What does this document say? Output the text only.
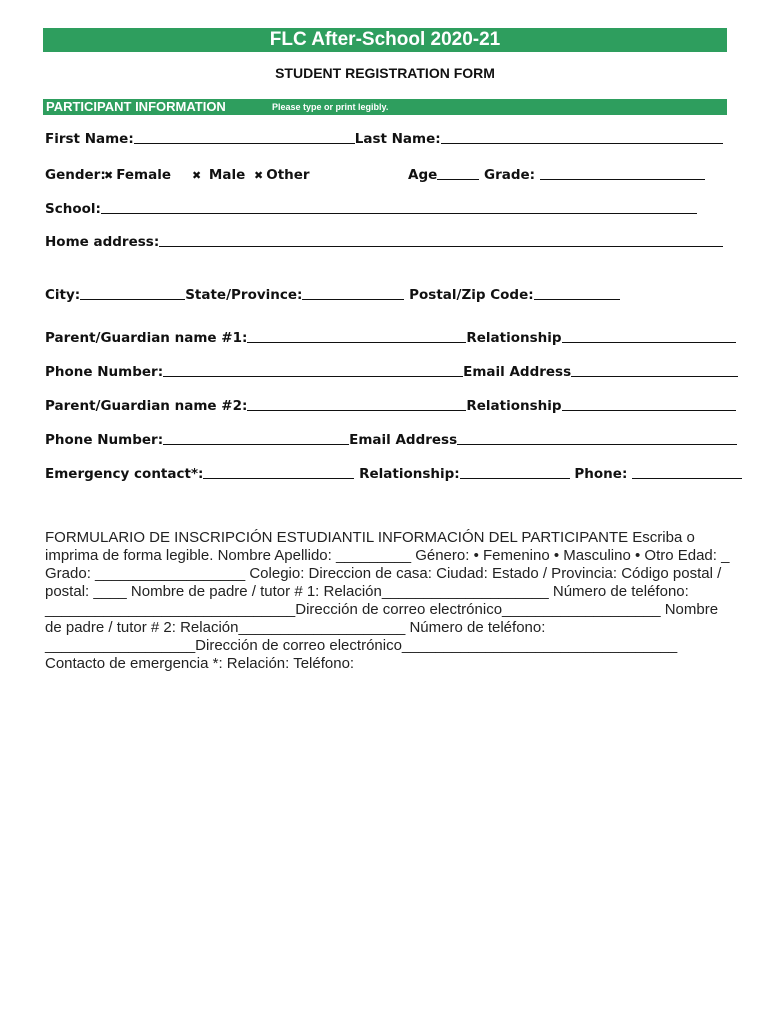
FLC After-School 2020-21
STUDENT REGISTRATION FORM
PARTICIPANT INFORMATION	Please type or print legibly.
First Name:	Last Name:
Gender:
✖ Female ✖ Male ✖ Other	Age	Grade:
School:
Home address:
City:	State/Province:	Postal/Zip Code:
Parent/Guardian name #1:	Relationship
Phone Number:	Email Address
Parent/Guardian name #2:	Relationship
Phone Number:	Email Address
Emergency contact*:	Relationship:	Phone:
FORMULARIO DE INSCRIPCIÓN ESTUDIANTIL INFORMACIÓN DEL PARTICIPANTE Escriba o imprima de forma legible. Nombre Apellido: _________ Género: • Femenino • Masculino • Otro Edad: _ Grado: __________________ Colegio: Direccion de casa: Ciudad: Estado / Provincia: Código postal / postal: ____ Nombre de padre / tutor # 1: Relación____________________ Número de teléfono: ______________________________Dirección de correo electrónico___________________ Nombre de padre / tutor # 2: Relación____________________ Número de teléfono: __________________Dirección de correo electrónico_________________________________ Contacto de emergencia *: Relación: Teléfono:
